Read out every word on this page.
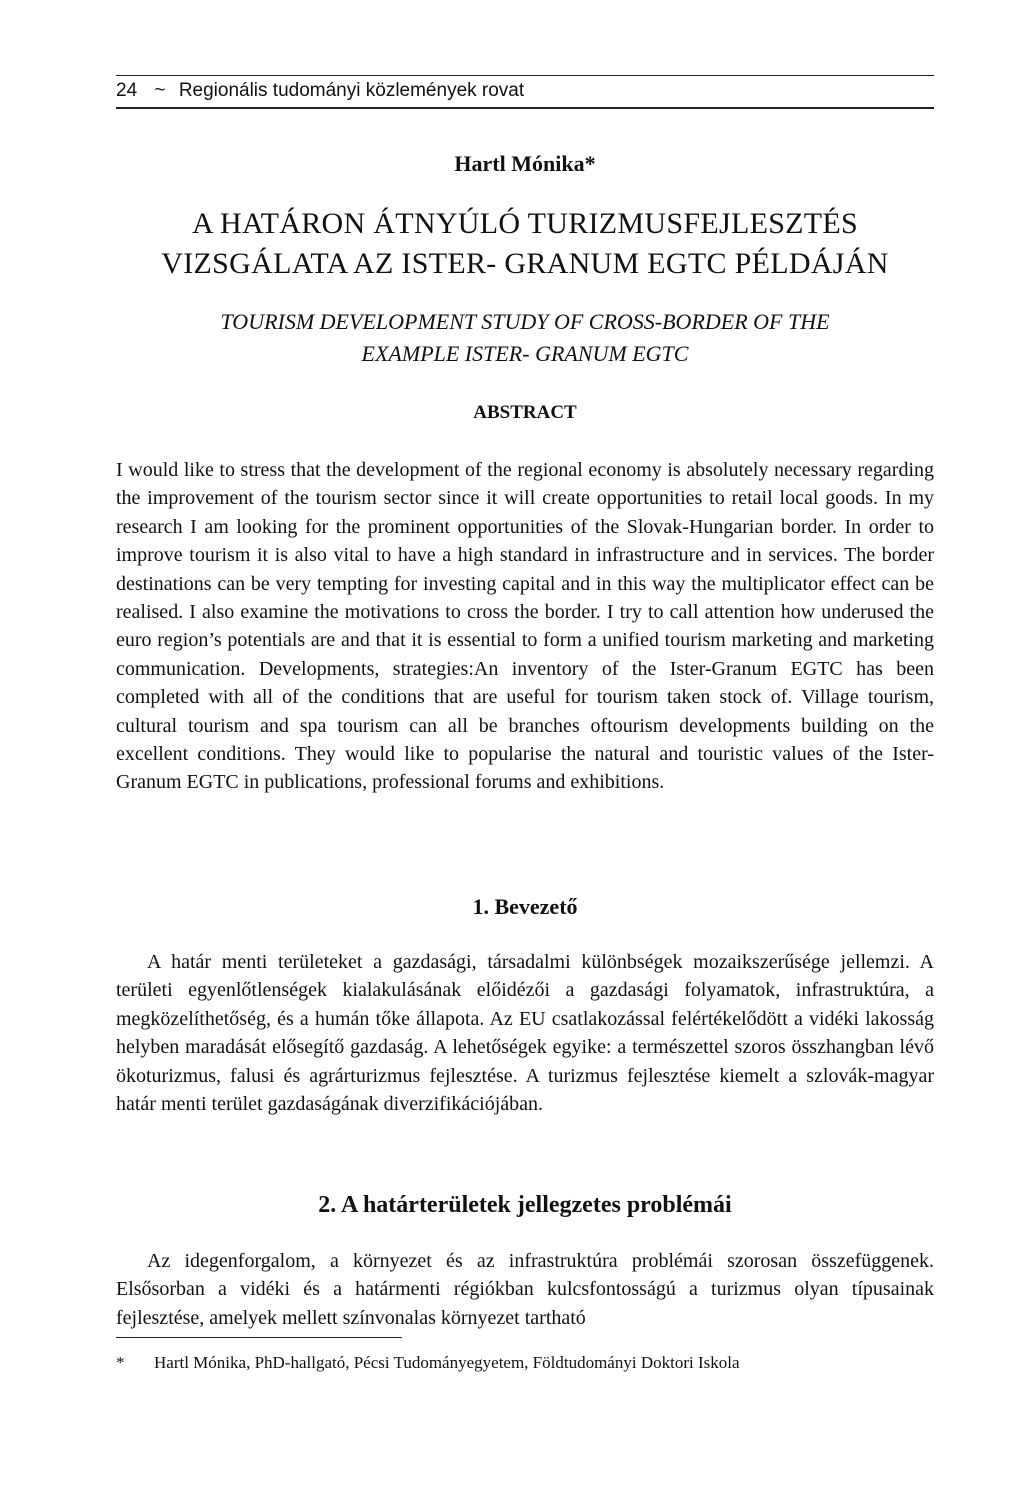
24 ~ Regionális tudományi közlemények rovat
Hartl Mónika*
A HATÁRON ÁTNYÚLÓ TURIZMUSFEJLESZTÉS
VIZSGÁLATA AZ ISTER- GRANUM EGTC PÉLDÁJÁN
TOURISM DEVELOPMENT STUDY OF CROSS-BORDER OF THE
EXAMPLE ISTER- GRANUM EGTC
ABSTRACT

I would like to stress that the development of the regional economy is absolutely necessary regarding the improvement of the tourism sector since it will create opportunities to retail local goods. In my research I am looking for the prominent opportunities of the Slovak-Hungarian border. In order to improve tourism it is also vital to have a high standard in infrastructure and in services. The border destinations can be very tempting for investing capital and in this way the multiplicator effect can be realised. I also examine the motivations to cross the border. I try to call attention how underused the euro region’s potentials are and that it is essential to form a unified tourism marketing and marketing communication. Developments, strategies:An inventory of the Ister-Granum EGTC has been completed with all of the conditions that are useful for tourism taken stock of. Village tourism, cultural tourism and spa tourism can all be branches oftourism developments building on the excellent conditions. They would like to popularise the natural and touristic values of the Ister-Granum EGTC in publications, professional forums and exhibitions.

1. Bevezető

A határ menti területeket a gazdasági, társadalmi különbségek mozaikszerűsége jellemzi. A területi egyenlőtlenségek kialakulásának előidézői a gazdasági folyamatok, infrastruktúra, a megközelíthetőség, és a humán tőke állapota. Az EU csatlakozással felértékelődött a vidéki lakosság helyben maradását elősegítő gazdaság. A lehetőségek egyike: a természettel szoros összhangban lévő ökoturizmus, falusi és agrárturizmus fejlesztése. A turizmus fejlesztése kiemelt a szlovák-magyar határ menti terület gazdaságának diverzifikációjában.

2. A határterületek jellegzetes problémái

Az idegenforgalom, a környezet és az infrastruktúra problémái szorosan összefüggenek. Elsősorban a vidéki és a határmenti régiókban kulcsfontosságú a turizmus olyan típusainak fejlesztése, amelyek mellett színvonalas környezet tartható

* Hartl Mónika, PhD-hallgató, Pécsi Tudományegyetem, Földtudományi Doktori Iskola
